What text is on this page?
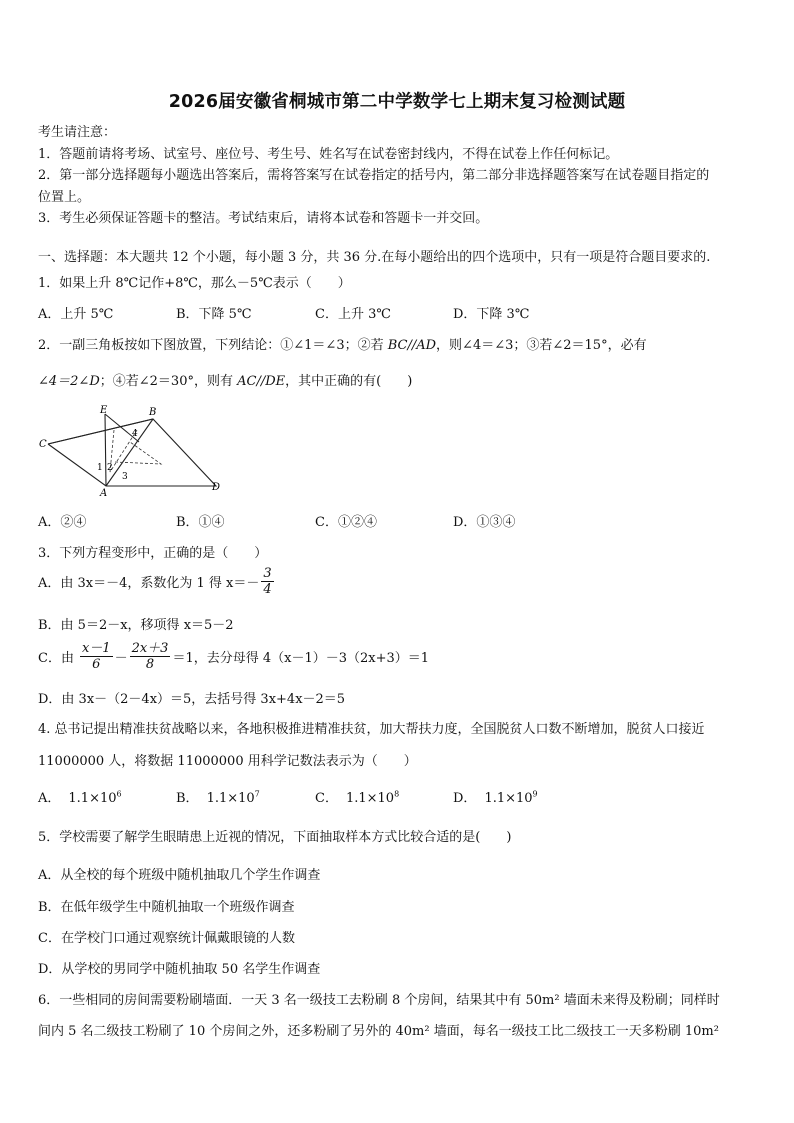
2026届安徽省桐城市第二中学数学七上期末复习检测试题
考生请注意：
1．答题前请将考场、试室号、座位号、考生号、姓名写在试卷密封线内，不得在试卷上作任何标记。
2．第一部分选择题每小题选出答案后，需将答案写在试卷指定的括号内，第二部分非选择题答案写在试卷题目指定的
位置上。
3．考生必须保证答题卡的整洁。考试结束后，请将本试卷和答题卡一并交回。
一、选择题：本大题共 12 个小题，每小题 3 分，共 36 分.在每小题给出的四个选项中，只有一项是符合题目要求的.
1．如果上升 8℃记作+8℃，那么－5℃表示（　　）
A．上升 5℃	B．下降 5℃	C．上升 3℃	D．下降 3℃
2．一副三角板按如下图放置，下列结论：①∠1＝∠3；②若 BC//AD，则∠4＝∠3；③若∠2＝15°，必有
∠4＝2∠D；④若∠2＝30°，则有 AC//DE，其中正确的有(　　)
E	B
C
D
A
4
1 2
3
A．②④	B．①④	C．①②④	D．①③④
3．下列方程变形中，正确的是（　　）
A．由 3x＝－4，系数化为 1 得 $x=- \frac{3}{4}$
B．由 5＝2－x，移项得 x＝5－2
C．由 $\frac{x-1}{6} - \frac{2x+3}{8} =1$，去分母得 4（x－1）－3（2x+3）＝1
D．由 3x－（2－4x）＝5，去括号得 3x+4x－2＝5
4. 总书记提出精准扶贫战略以来，各地积极推进精准扶贫，加大帮扶力度，全国脱贫人口数不断增加，脱贫人口接近
11000000 人，将数据 11000000 用科学记数法表示为（　　）
A． $1.1\times 10^6$	B． $1.1\times 10^7$	C． $1.1\times 10^8$	D． $1.1\times 10^9$
5．学校需要了解学生眼睛患上近视的情况，下面抽取样本方式比较合适的是(　　)
A．从全校的每个班级中随机抽取几个学生作调查
B．在低年级学生中随机抽取一个班级作调查
C．在学校门口通过观察统计佩戴眼镜的人数
D．从学校的男同学中随机抽取 50 名学生作调查
6．一些相同的房间需要粉刷墙面．一天 3 名一级技工去粉刷 8 个房间，结果其中有 50m² 墙面未来得及粉刷；同样时
间内 5 名二级技工粉刷了 10 个房间之外，还多粉刷了另外的 40m² 墙面，每名一级技工比二级技工一天多粉刷 10m²
